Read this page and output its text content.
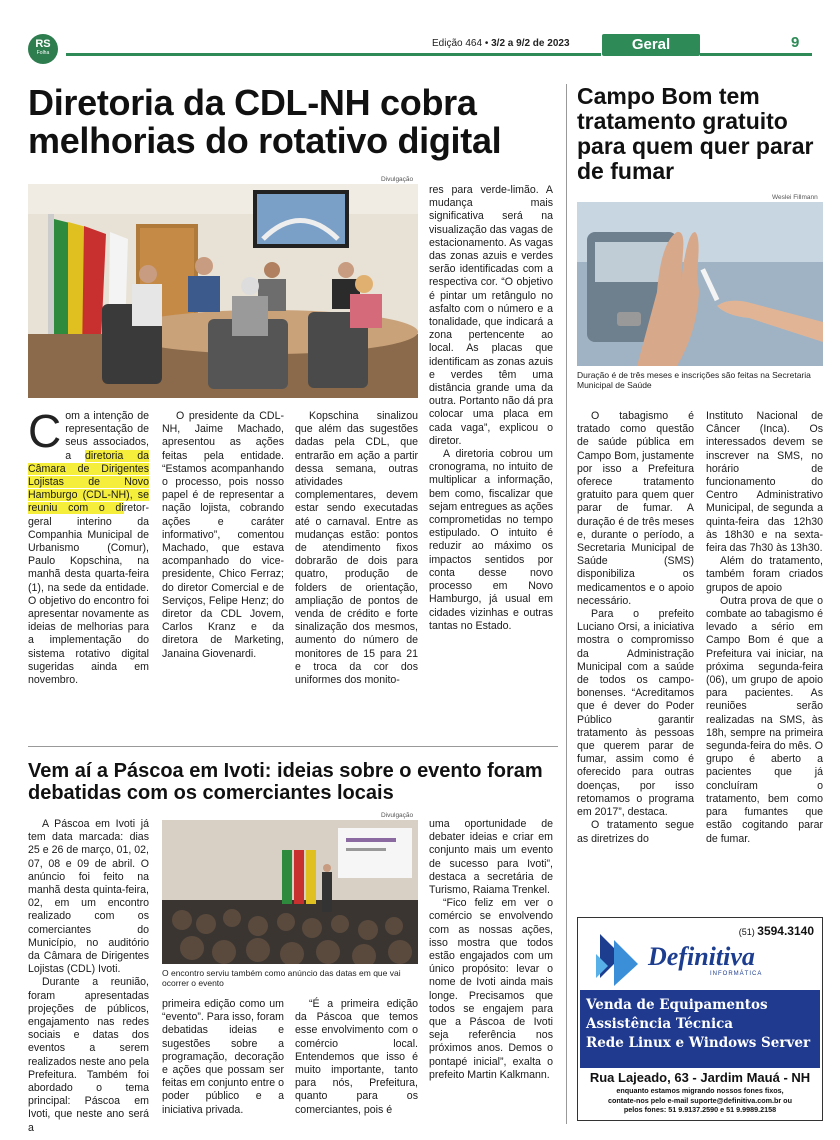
RS
Folha
Edição 464 • 3/2 a 9/2 de 2023	Geral	9
Diretoria da CDL-NH cobra melhorias do rotativo digital
Divulgação
Com a intenção de representação de seus associados, a diretoria da Câmara de Dirigentes Lojistas de Novo Hamburgo (CDL-NH), se reuniu com o diretor-geral interino da Companhia Municipal de Urbanismo (Comur), Paulo Kopschina, na manhã desta quarta-feira (1), na sede da entidade. O objetivo do encontro foi apresentar novamente as ideias de melhorias para a implementação do sistema rotativo digital sugeridas ainda em novembro.

O presidente da CDL-NH, Jaime Machado, apresentou as ações feitas pela entidade. “Estamos acompanhando o processo, pois nosso papel é de representar a nação lojista, cobrando ações e caráter informativo”, comentou Machado, que estava acompanhado do vice-presidente, Chico Ferraz; do diretor Comercial e de Serviços, Felipe Henz; do diretor da CDL Jovem, Carlos Kranz e da diretora de Marketing, Janaina Giovenardi.

Kopschina sinalizou que além das sugestões dadas pela CDL, que entrarão em ação a partir dessa semana, outras atividades complementares, devem estar sendo executadas até o carnaval. Entre as mudanças estão: pontos de atendimento fixos dobrarão de dois para quatro, produção de folders de orientação, ampliação de pontos de venda de crédito e forte sinalização dos mesmos, aumento do número de monitores de 15 para 21 e troca da cor dos uniformes dos monito-

res para verde-limão. A mudança mais significativa será na visualização das vagas de estacionamento. As vagas das zonas azuis e verdes serão identificadas com a respectiva cor. “O objetivo é pintar um retângulo no asfalto com o número e a tonalidade, que indicará a zona pertencente ao local. As placas que identificam as zonas azuis e verdes têm uma distância grande uma da outra. Portanto não dá pra colocar uma placa em cada vaga”, explicou o diretor.

A diretoria cobrou um cronograma, no intuito de multiplicar a informação, bem como, fiscalizar que sejam entregues as ações comprometidas no tempo estipulado. O intuito é reduzir ao máximo os impactos sentidos por conta desse novo processo em Novo Hamburgo, já usual em cidades vizinhas e outras tantas no Estado.

Campo Bom tem tratamento gratuito para quem quer parar de fumar
Weslei Fillmann
Duração é de três meses e inscrições são feitas na Secretaria Municipal de Saúde

O tabagismo é tratado como questão de saúde pública em Campo Bom, justamente por isso a Prefeitura oferece tratamento gratuito para quem quer parar de fumar. A duração é de três meses e, durante o período, a Secretaria Municipal de Saúde (SMS) disponibiliza os medicamentos e o apoio necessário.

Para o prefeito Luciano Orsi, a iniciativa mostra o compromisso da Administração Municipal com a saúde de todos os campo-bonenses. “Acreditamos que é dever do Poder Público garantir tratamento às pessoas que querem parar de fumar, assim como é oferecido para outras doenças, por isso retomamos o programa em 2017”, destaca.

O tratamento segue as diretrizes do

Instituto Nacional de Câncer (Inca). Os interessados devem se inscrever na SMS, no horário de funcionamento do Centro Administrativo Municipal, de segunda a quinta-feira das 12h30 às 18h30 e na sexta-feira das 7h30 às 13h30.

Além do tratamento, também foram criados grupos de apoio

Outra prova de que o combate ao tabagismo é levado a sério em Campo Bom é que a Prefeitura vai iniciar, na próxima segunda-feira (06), um grupo de apoio para pacientes. As reuniões serão realizadas na SMS, às 18h, sempre na primeira segunda-feira do mês. O grupo é aberto a pacientes que já concluíram o tratamento, bem como para fumantes que estão cogitando parar de fumar.

Vem aí a Páscoa em Ivoti: ideias sobre o evento foram debatidas com os comerciantes locais

A Páscoa em Ivoti já tem data marcada: dias 25 e 26 de março, 01, 02, 07, 08 e 09 de abril. O anúncio foi feito na manhã desta quinta-feira, 02, em um encontro realizado com os comerciantes do Município, no auditório da Câmara de Dirigentes Lojistas (CDL) Ivoti.

Durante a reunião, foram apresentadas projeções de públicos, engajamento nas redes sociais e datas dos eventos a serem realizados neste ano pela Prefeitura. Também foi abordado o tema principal: Páscoa em Ivoti, que neste ano será a

Divulgação
O encontro serviu também como anúncio das datas em que vai ocorrer o evento

primeira edição como um “evento”. Para isso, foram debatidas ideias e sugestões sobre a programação, decoração e ações que possam ser feitas em conjunto entre o poder público e a iniciativa privada.

“É a primeira edição da Páscoa que temos esse envolvimento com o comércio local. Entendemos que isso é muito importante, tanto para nós, Prefeitura, quanto para os comerciantes, pois é

uma oportunidade de debater ideias e criar em conjunto mais um evento de sucesso para Ivoti”, destaca a secretária de Turismo, Raiama Trenkel.

“Fico feliz em ver o comércio se envolvendo com as nossas ações, isso mostra que todos estão engajados com um único propósito: levar o nome de Ivoti ainda mais longe. Precisamos que todos se engajem para que a Páscoa de Ivoti seja referência nos próximos anos. Demos o pontapé inicial”, exalta o prefeito Martin Kalkmann.

(51) 3594.3140
Definitiva
INFORMÁTICA
Venda de Equipamentos
Assistência Técnica
Rede Linux e Windows Server
Rua Lajeado, 63 - Jardim Mauá - NH
enquanto estamos migrando nossos fones fixos,
contate-nos pelo e-mail suporte@definitiva.com.br ou
pelos fones: 51 9.9137.2590 e 51 9.9989.2158
